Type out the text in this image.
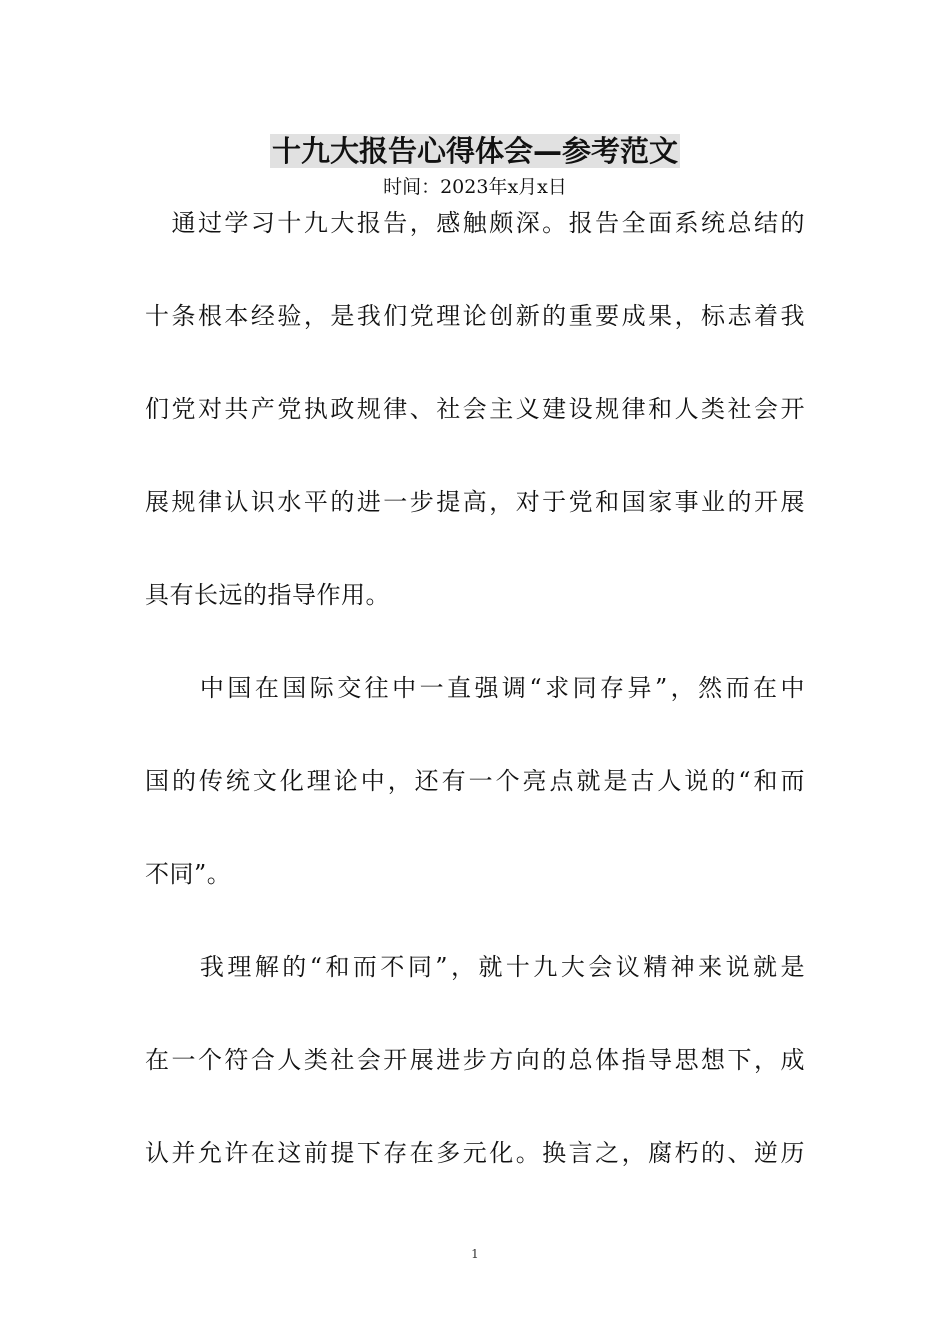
十九大报告心得体会—参考范文
时间：2023年x月x日
　通过学习十九大报告，感触颇深。报告全面系统总结的
十条根本经验，是我们党理论创新的重要成果，标志着我
们党对共产党执政规律、社会主义建设规律和人类社会开
展规律认识水平的进一步提高，对于党和国家事业的开展
具有长远的指导作用。
　　中国在国际交往中一直强调“求同存异”，然而在中
国的传统文化理论中，还有一个亮点就是古人说的“和而
不同”。
　　我理解的“和而不同”，就十九大会议精神来说就是
在一个符合人类社会开展进步方向的总体指导思想下，成
认并允许在这前提下存在多元化。换言之，腐朽的、逆历
1
